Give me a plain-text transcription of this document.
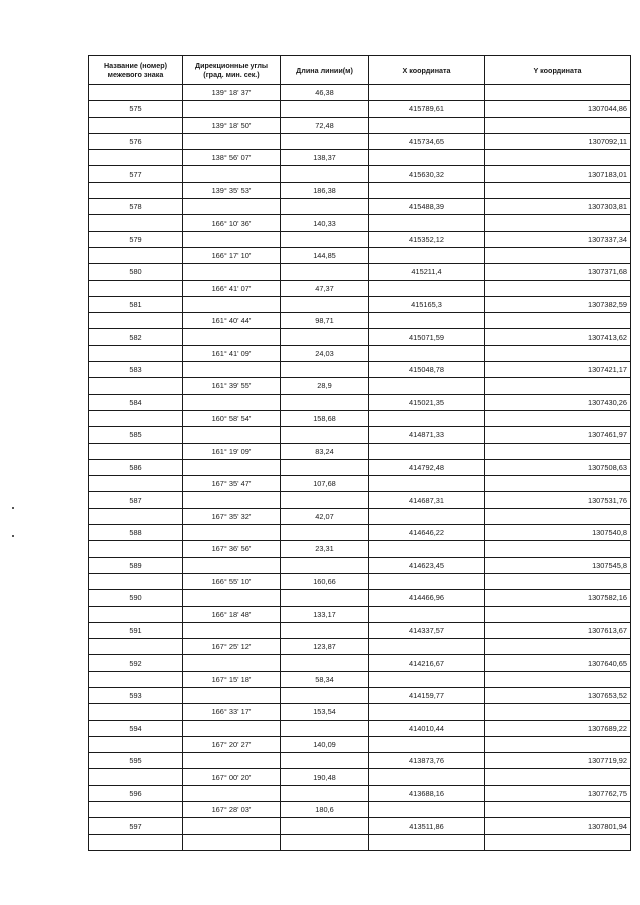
Название (номер) межевого знака	Дирекционные углы (град. мин. сек.)	Длина линии(м)	X координата	Y координата
	139° 18' 37"	46,38		
575			415789,61	1307044,86
	139° 18' 50"	72,48		
576			415734,65	1307092,11
	138° 56' 07"	138,37		
577			415630,32	1307183,01
	139° 35' 53"	186,38		
578			415488,39	1307303,81
	166° 10' 36"	140,33		
579			415352,12	1307337,34
	166° 17' 10"	144,85		
580			415211,4	1307371,68
	166° 41' 07"	47,37		
581			415165,3	1307382,59
	161° 40' 44"	98,71		
582			415071,59	1307413,62
	161° 41' 09"	24,03		
583			415048,78	1307421,17
	161° 39' 55"	28,9		
584			415021,35	1307430,26
	160° 58' 54"	158,68		
585			414871,33	1307461,97
	161° 19' 09"	83,24		
586			414792,48	1307508,63
	167° 35' 47"	107,68		
587			414687,31	1307531,76
	167° 35' 32"	42,07		
588			414646,22	1307540,8
	167° 36' 56"	23,31		
589			414623,45	1307545,8
	166° 55' 10"	160,66		
590			414466,96	1307582,16
	166° 18' 48"	133,17		
591			414337,57	1307613,67
	167° 25' 12"	123,87		
592			414216,67	1307640,65
	167° 15' 18"	58,34		
593			414159,77	1307653,52
	166° 33' 17"	153,54		
594			414010,44	1307689,22
	167° 20' 27"	140,09		
595			413873,76	1307719,92
	167° 00' 20"	190,48		
596			413688,16	1307762,75
	167° 28' 03"	180,6		
597			413511,86	1307801,94
